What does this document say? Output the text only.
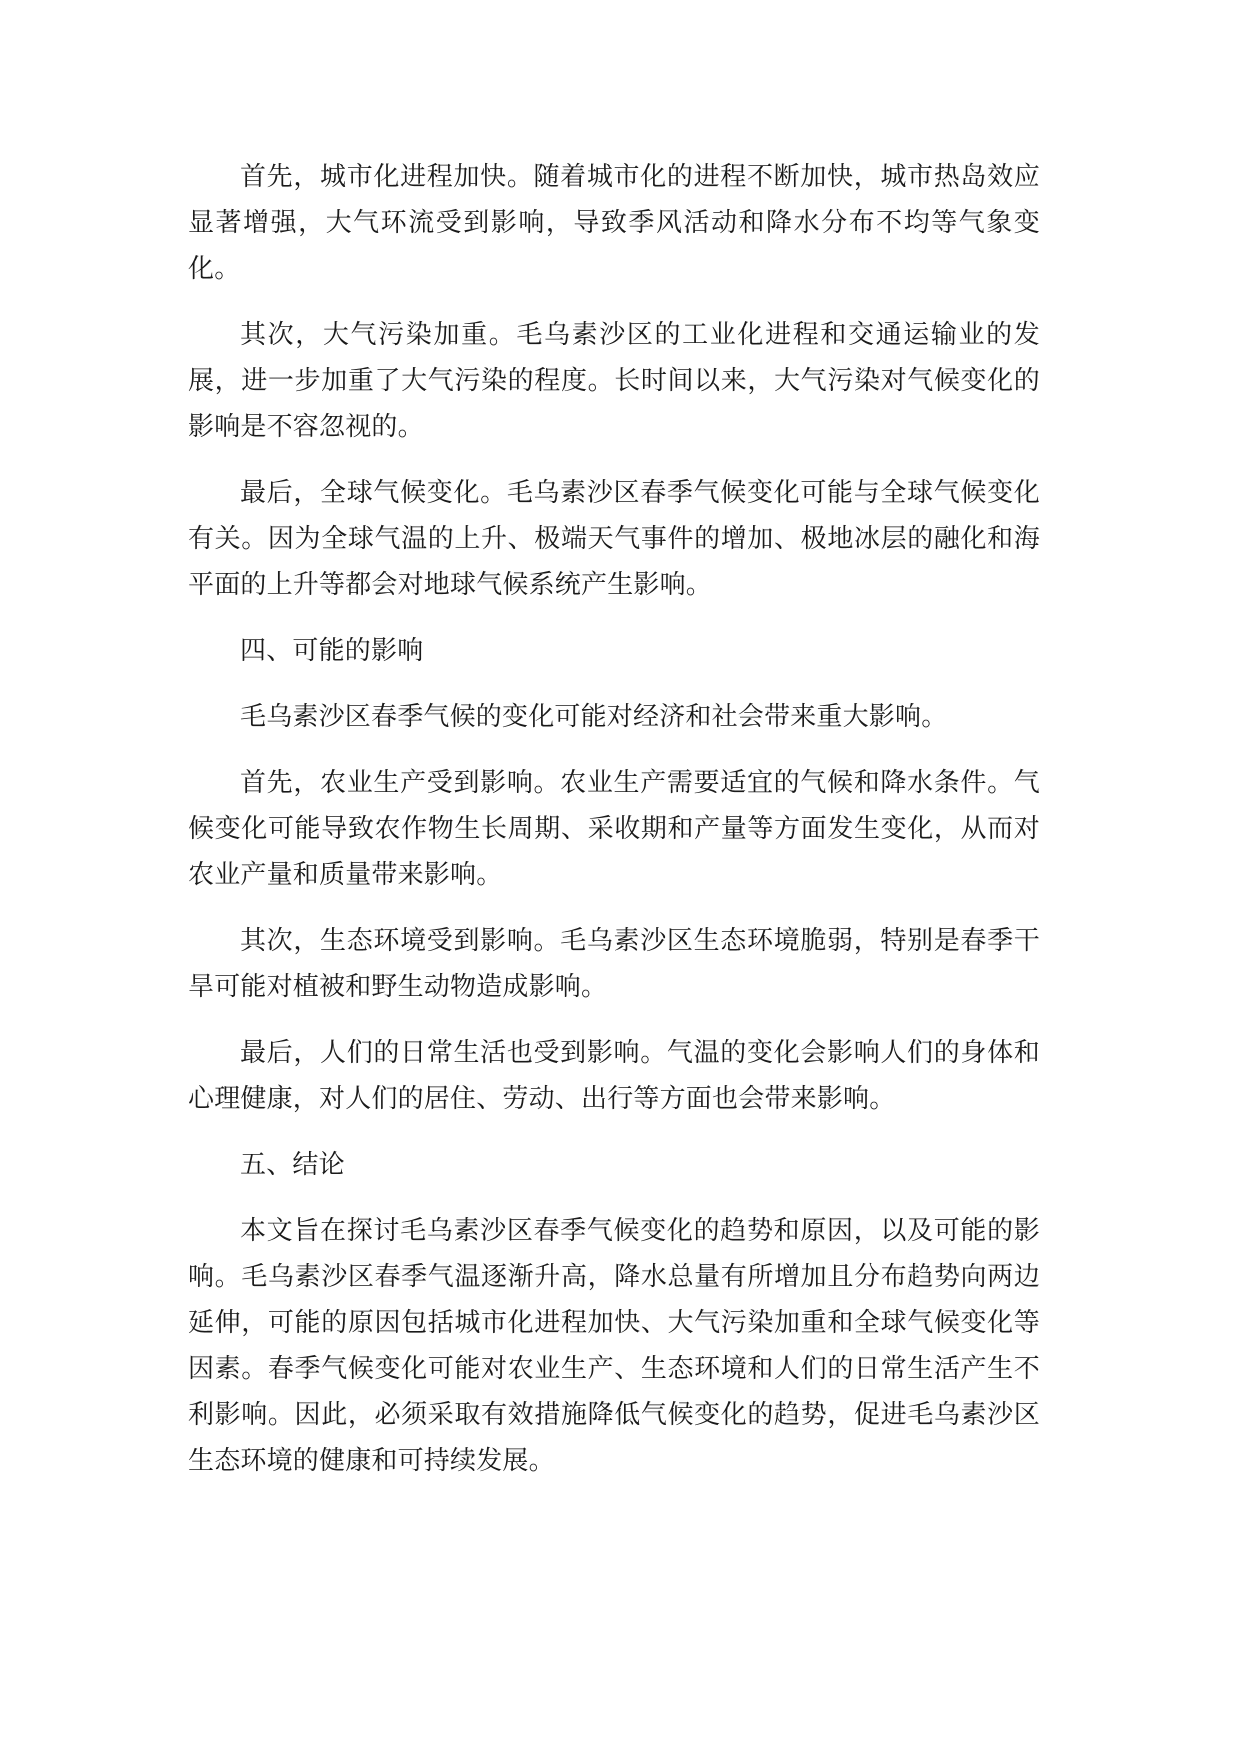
首先，城市化进程加快。随着城市化的进程不断加快，城市热岛效应显著增强，大气环流受到影响，导致季风活动和降水分布不均等气象变化。

其次，大气污染加重。毛乌素沙区的工业化进程和交通运输业的发展，进一步加重了大气污染的程度。长时间以来，大气污染对气候变化的影响是不容忽视的。

最后，全球气候变化。毛乌素沙区春季气候变化可能与全球气候变化有关。因为全球气温的上升、极端天气事件的增加、极地冰层的融化和海平面的上升等都会对地球气候系统产生影响。

四、可能的影响

毛乌素沙区春季气候的变化可能对经济和社会带来重大影响。

首先，农业生产受到影响。农业生产需要适宜的气候和降水条件。气候变化可能导致农作物生长周期、采收期和产量等方面发生变化，从而对农业产量和质量带来影响。

其次，生态环境受到影响。毛乌素沙区生态环境脆弱，特别是春季干旱可能对植被和野生动物造成影响。

最后，人们的日常生活也受到影响。气温的变化会影响人们的身体和心理健康，对人们的居住、劳动、出行等方面也会带来影响。

五、结论

本文旨在探讨毛乌素沙区春季气候变化的趋势和原因，以及可能的影响。毛乌素沙区春季气温逐渐升高，降水总量有所增加且分布趋势向两边延伸，可能的原因包括城市化进程加快、大气污染加重和全球气候变化等因素。春季气候变化可能对农业生产、生态环境和人们的日常生活产生不利影响。因此，必须采取有效措施降低气候变化的趋势，促进毛乌素沙区生态环境的健康和可持续发展。
